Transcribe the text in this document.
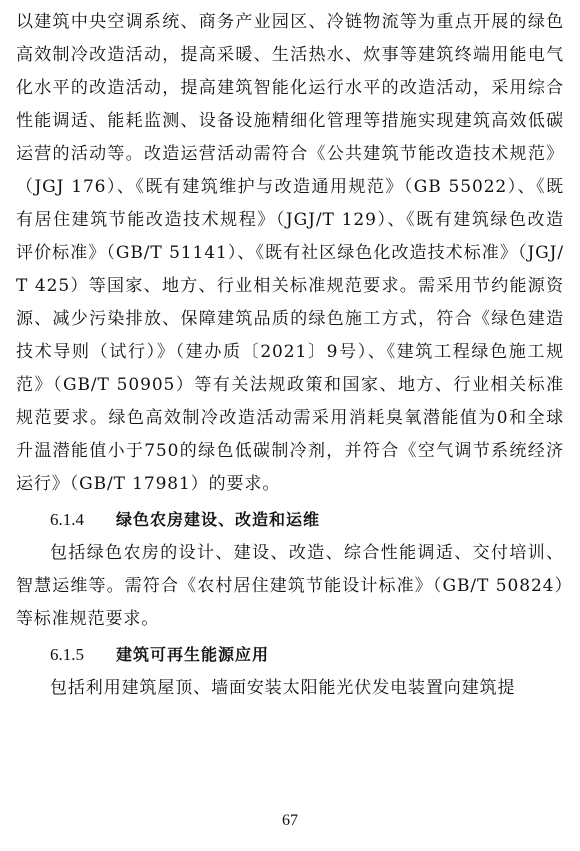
以建筑中央空调系统、商务产业园区、冷链物流等为重点开展的绿色高效制冷改造活动，提高采暖、生活热水、炊事等建筑终端用能电气化水平的改造活动，提高建筑智能化运行水平的改造活动，采用综合性能调适、能耗监测、设备设施精细化管理等措施实现建筑高效低碳运营的活动等。改造运营活动需符合《公共建筑节能改造技术规范》（JGJ 176）、《既有建筑维护与改造通用规范》（GB 55022）、《既有居住建筑节能改造技术规程》（JGJ/T 129）、《既有建筑绿色改造评价标准》（GB/T 51141）、《既有社区绿色化改造技术标准》（JGJ/T 425）等国家、地方、行业相关标准规范要求。需采用节约能源资源、减少污染排放、保障建筑品质的绿色施工方式，符合《绿色建造技术导则（试行）》（建办质〔2021〕9号）、《建筑工程绿色施工规范》（GB/T 50905）等有关法规政策和国家、地方、行业相关标准规范要求。绿色高效制冷改造活动需采用消耗臭氧潜能值为0和全球升温潜能值小于750的绿色低碳制冷剂，并符合《空气调节系统经济运行》（GB/T 17981）的要求。

6.1.4 绿色农房建设、改造和运维

包括绿色农房的设计、建设、改造、综合性能调适、交付培训、智慧运维等。需符合《农村居住建筑节能设计标准》（GB/T 50824）等标准规范要求。

6.1.5 建筑可再生能源应用

包括利用建筑屋顶、墙面安装太阳能光伏发电装置向建筑提

67
